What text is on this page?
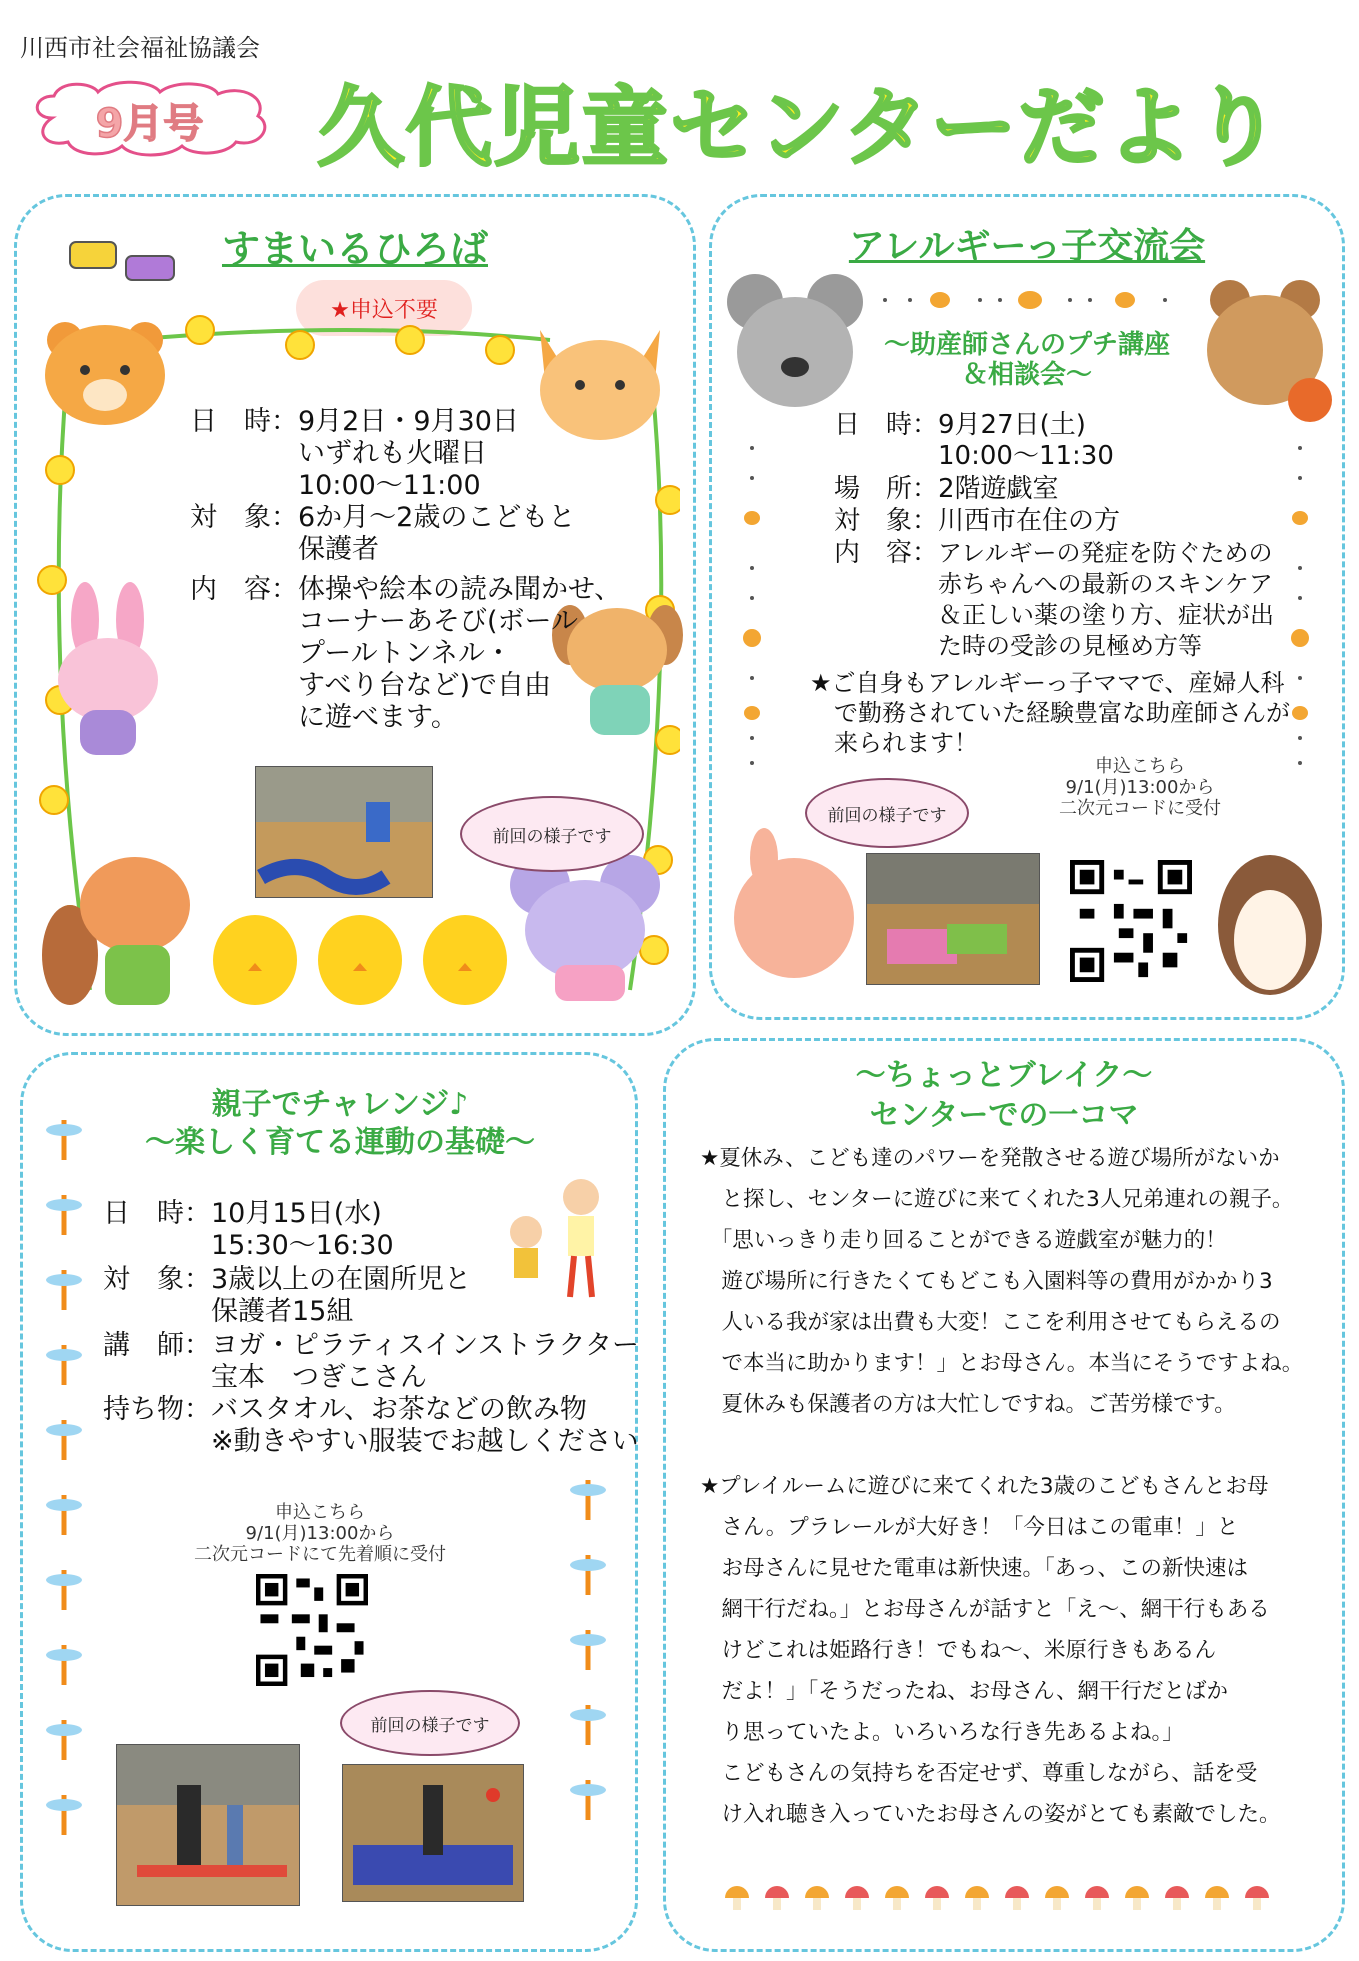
川西市社会福祉協議会
9月号	久代児童センターだより
すまいるひろば
★申込不要
日　時： 9月2日・9月30日
いずれも火曜日
10:00〜11:00
対　象： 6か月〜2歳のこどもと
保護者
内　容： 体操や絵本の読み聞かせ、
コーナーあそび(ボール
プールトンネル・
すべり台など)で自由
に遊べます。
前回の様子です
アレルギーっ子交流会
〜助産師さんのプチ講座
＆相談会〜
日　時： 9月27日(土)
10:00〜11:30
場　所： 2階遊戯室
対　象： 川西市在住の方
内　容： アレルギーの発症を防ぐための
赤ちゃんへの最新のスキンケア
＆正しい薬の塗り方、症状が出
た時の受診の見極め方等
★ご自身もアレルギーっ子ママで、産婦人科
　で勤務されていた経験豊富な助産師さんが
　来られます！
申込こちら
9/1(月)13:00から
二次元コードに受付
前回の様子です
親子でチャレンジ♪
〜楽しく育てる運動の基礎〜
日　時： 10月15日(水)
15:30〜16:30
対　象： 3歳以上の在園所児と
保護者15組
講　師： ヨガ・ピラティスインストラクター
宝本　つぎこさん
持ち物： バスタオル、お茶などの飲み物
※動きやすい服装でお越しください
申込こちら
9/1(月)13:00から
二次元コードにて先着順に受付
前回の様子です
〜ちょっとブレイク〜
センターでの一コマ

★夏休み、こども達のパワーを発散させる遊び場所がないか

　と探し、センターに遊びに来てくれた3人兄弟連れの親子。

　「思いっきり走り回ることができる遊戯室が魅力的！

　遊び場所に行きたくてもどこも入園料等の費用がかかり3

　人いる我が家は出費も大変！ここを利用させてもらえるの

　で本当に助かります！」とお母さん。本当にそうですよね。

　夏休みも保護者の方は大忙しですね。ご苦労様です。

★プレイルームに遊びに来てくれた3歳のこどもさんとお母

　さん。プラレールが大好き！「今日はこの電車！」と

　お母さんに見せた電車は新快速。「あっ、この新快速は

　網干行だね。」とお母さんが話すと「え〜、網干行もある

　けどこれは姫路行き！でもね〜、米原行きもあるん

　だよ！」「そうだったね、お母さん、網干行だとばか

　り思っていたよ。いろいろな行き先あるよね。」

　こどもさんの気持ちを否定せず、尊重しながら、話を受

　け入れ聴き入っていたお母さんの姿がとても素敵でした。
